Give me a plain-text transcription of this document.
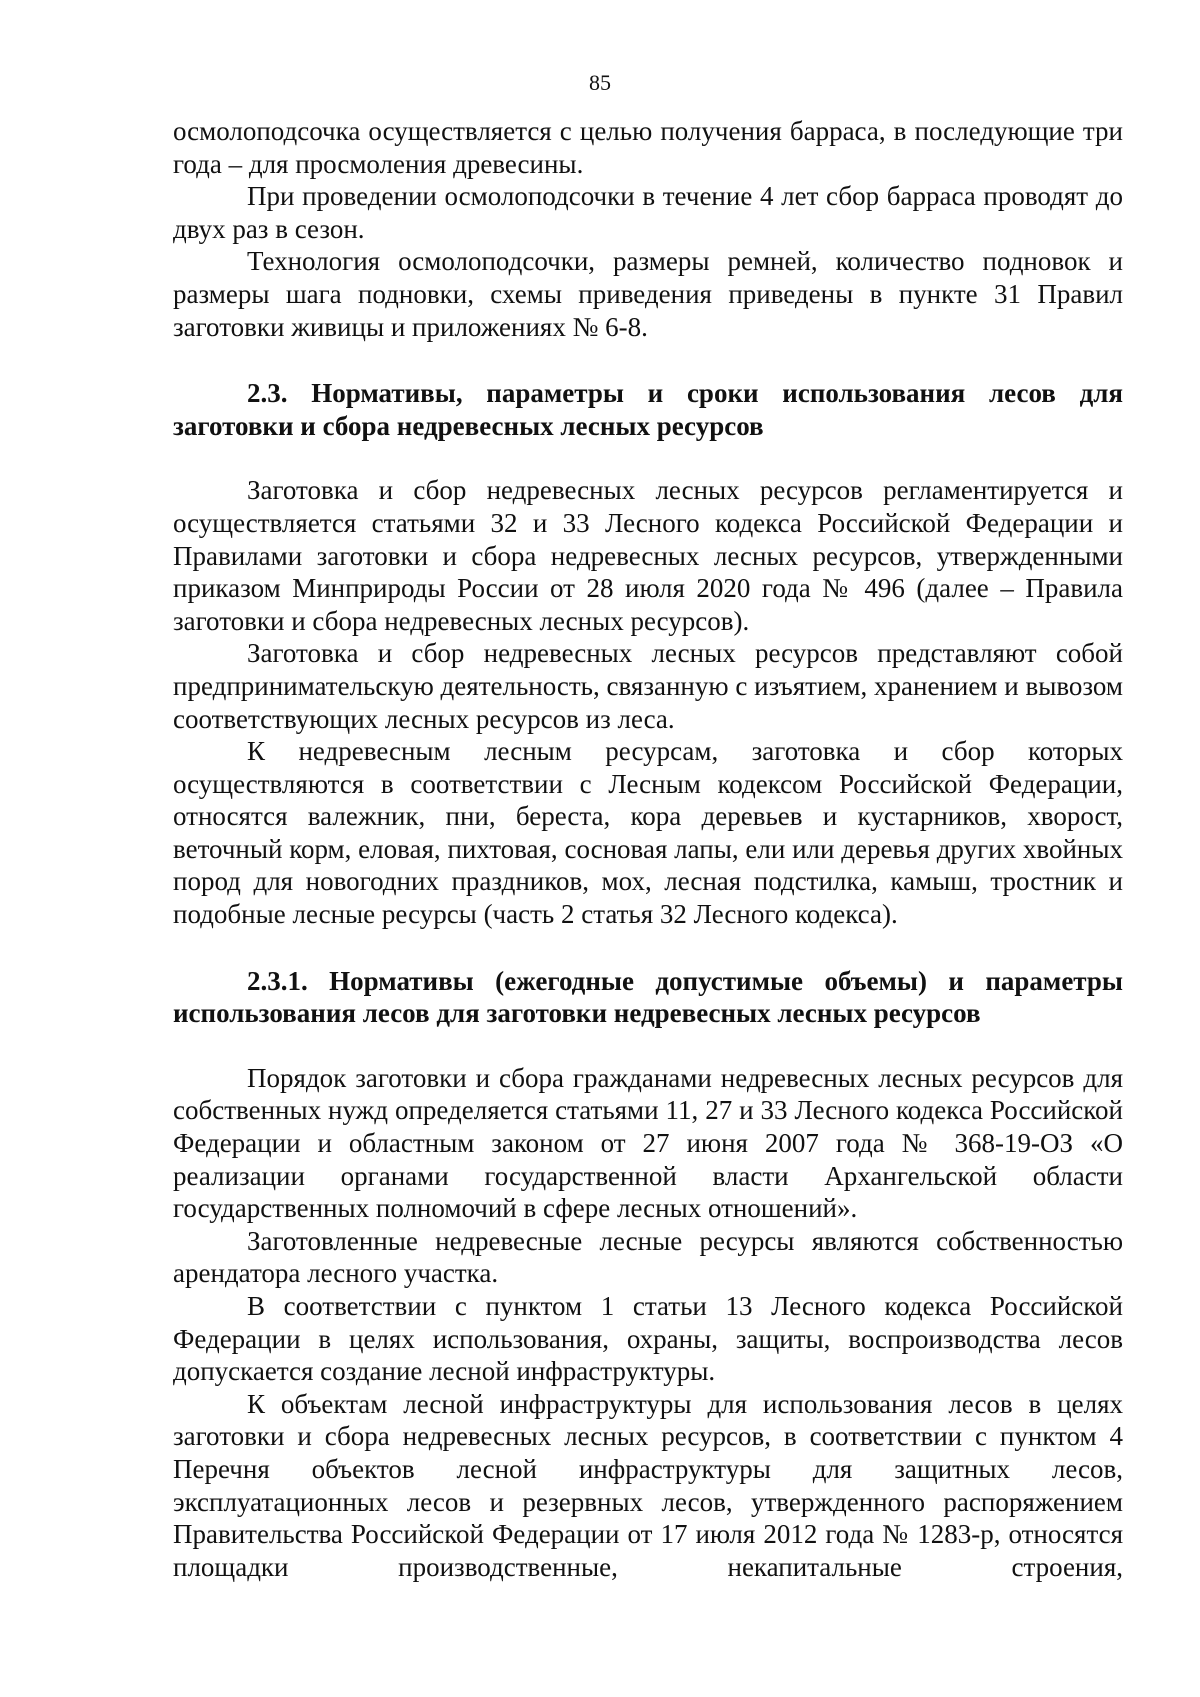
85

осмолоподсочка осуществляется с целью получения барраса, в последующие три года – для просмоления древесины.

При проведении осмолоподсочки в течение 4 лет сбор барраса проводят до двух раз в сезон.

Технология осмолоподсочки, размеры ремней, количество подновок и размеры шага подновки, схемы приведения приведены в пункте 31 Правил заготовки живицы и приложениях № 6-8.

2.3. Нормативы, параметры и сроки использования лесов для заготовки и сбора недревесных лесных ресурсов

Заготовка и сбор недревесных лесных ресурсов регламентируется и осуществляется статьями 32 и 33 Лесного кодекса Российской Федерации и Правилами заготовки и сбора недревесных лесных ресурсов, утвержденными приказом Минприроды России от 28 июля 2020 года № 496 (далее – Правила заготовки и сбора недревесных лесных ресурсов).

Заготовка и сбор недревесных лесных ресурсов представляют собой предпринимательскую деятельность, связанную с изъятием, хранением и вывозом соответствующих лесных ресурсов из леса.

К недревесным лесным ресурсам, заготовка и сбор которых осуществляются в соответствии с Лесным кодексом Российской Федерации, относятся валежник, пни, береста, кора деревьев и кустарников, хворост, веточный корм, еловая, пихтовая, сосновая лапы, ели или деревья других хвойных пород для новогодних праздников, мох, лесная подстилка, камыш, тростник и подобные лесные ресурсы (часть 2 статья 32 Лесного кодекса).

2.3.1. Нормативы (ежегодные допустимые объемы) и параметры использования лесов для заготовки недревесных лесных ресурсов

Порядок заготовки и сбора гражданами недревесных лесных ресурсов для собственных нужд определяется статьями 11, 27 и 33 Лесного кодекса Российской Федерации и областным законом от 27 июня 2007 года № 368-19-ОЗ «О реализации органами государственной власти Архангельской области государственных полномочий в сфере лесных отношений».

Заготовленные недревесные лесные ресурсы являются собственностью арендатора лесного участка.

В соответствии с пунктом 1 статьи 13 Лесного кодекса Российской Федерации в целях использования, охраны, защиты, воспроизводства лесов допускается создание лесной инфраструктуры.

К объектам лесной инфраструктуры для использования лесов в целях заготовки и сбора недревесных лесных ресурсов, в соответствии с пунктом 4 Перечня объектов лесной инфраструктуры для защитных лесов, эксплуатационных лесов и резервных лесов, утвержденного распоряжением Правительства Российской Федерации от 17 июля 2012 года № 1283-р, относятся площадки производственные, некапитальные строения,
